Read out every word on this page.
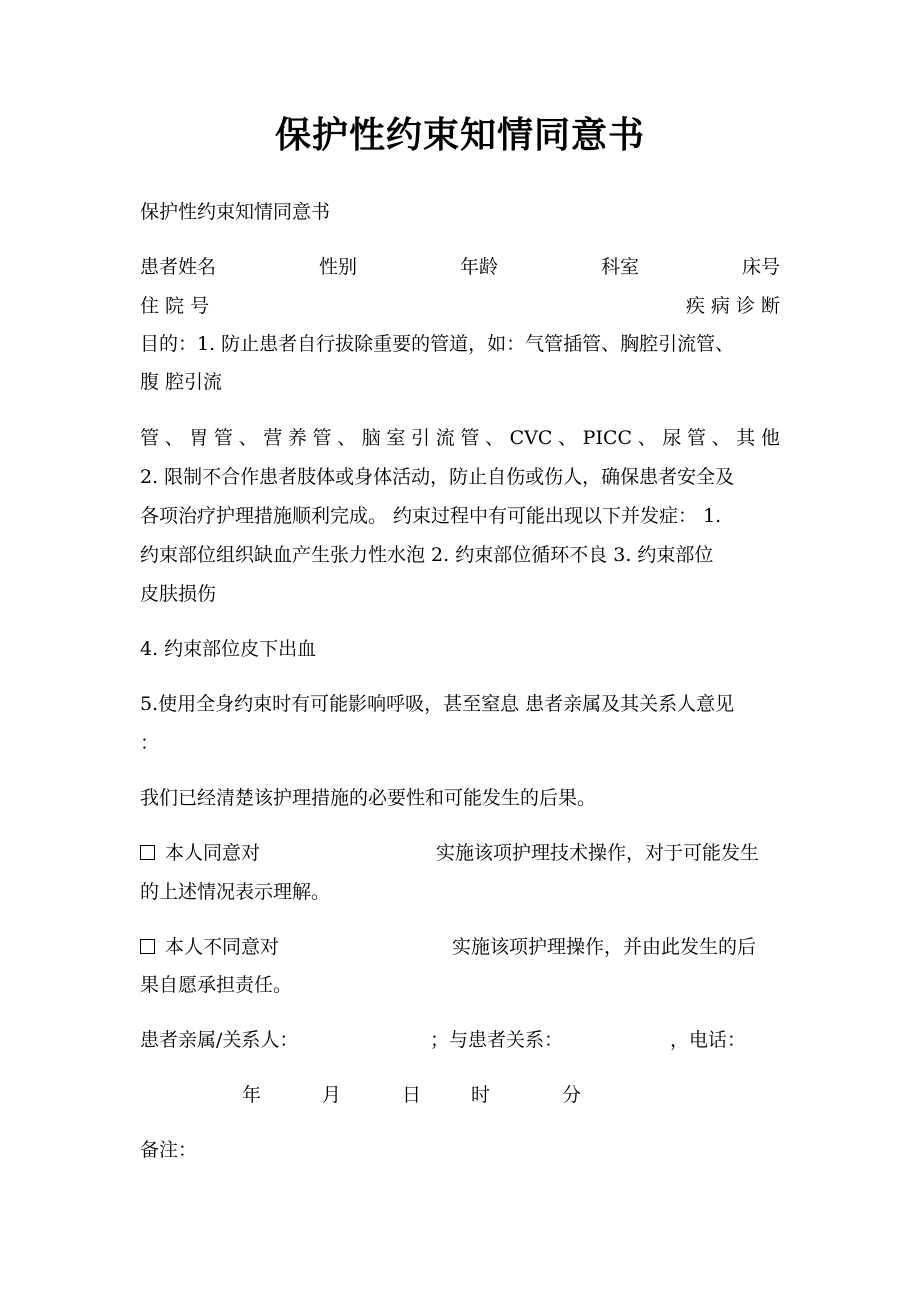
保护性约束知情同意书
保护性约束知情同意书
患者姓名	性别	年龄	科室	床号
住 院 号	疾 病 诊 断
目的：1. 防止患者自行拔除重要的管道，如：气管插管、胸腔引流管、
腹 腔引流
管 、 胃 管 、 营 养 管 、 脑 室 引 流 管 、 CVC 、 PICC 、 尿 管 、 其 他
2. 限制不合作患者肢体或身体活动，防止自伤或伤人，确保患者安全及
各项治疗护理措施顺利完成。 约束过程中有可能出现以下并发症： 1.
约束部位组织缺血产生张力性水泡 2. 约束部位循环不良 3. 约束部位
皮肤损伤
4. 约束部位皮下出血
5.使用全身约束时有可能影响呼吸，甚至窒息 患者亲属及其关系人意见
：
我们已经清楚该护理措施的必要性和可能发生的后果。
本人同意对	实施该项护理技术操作，对于可能发生
的上述情况表示理解。
本人不同意对	实施该项护理操作，并由此发生的后
果自愿承担责任。
患者亲属/关系人：	；与患者关系：	，电话：
年	月	日	时	分
备注：
